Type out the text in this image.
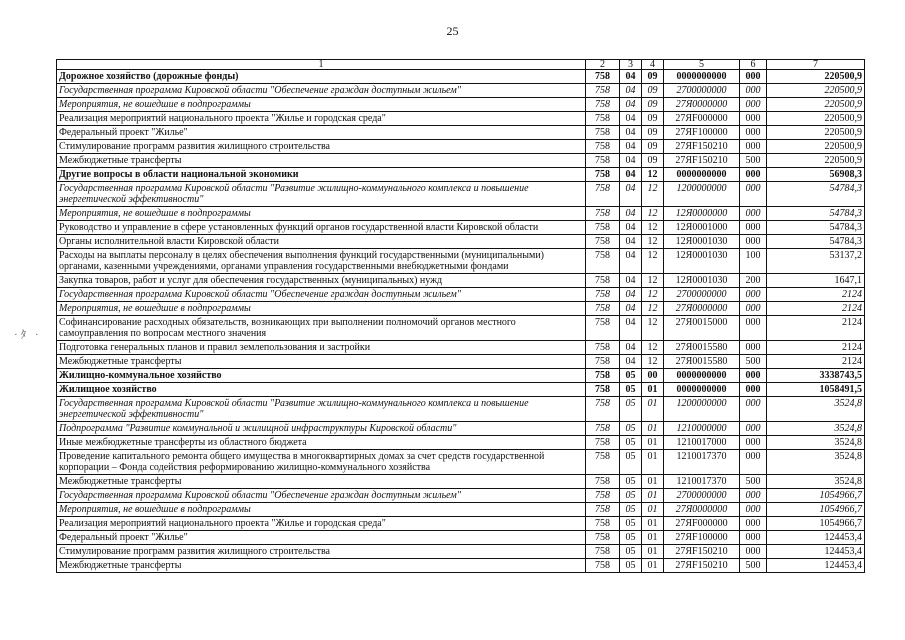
25
·ﾀ ·
1	2	3	4	5	6	7
Дорожное хозяйство (дорожные фонды)	758	04	09	0000000000	000	220500,9
Государственная программа Кировской области "Обеспечение граждан доступным жильем"	758	04	09	2700000000	000	220500,9
Мероприятия, не вошедшие в подпрограммы	758	04	09	27Я0000000	000	220500,9
Реализация мероприятий национального проекта "Жилье и городская среда"	758	04	09	27ЯF000000	000	220500,9
Федеральный проект "Жилье"	758	04	09	27ЯF100000	000	220500,9
Стимулирование программ развития жилищного строительства	758	04	09	27ЯF150210	000	220500,9
Межбюджетные трансферты	758	04	09	27ЯF150210	500	220500,9
Другие вопросы в области национальной экономики	758	04	12	0000000000	000	56908,3
Государственная программа Кировской области "Развитие жилищно-коммунального комплекса и повышение энергетической эффективности"	758	04	12	1200000000	000	54784,3
Мероприятия, не вошедшие в подпрограммы	758	04	12	12Я0000000	000	54784,3
Руководство и управление в сфере установленных функций органов государственной власти Кировской области	758	04	12	12Я0001000	000	54784,3
Органы исполнительной власти Кировской области	758	04	12	12Я0001030	000	54784,3
Расходы на выплаты персоналу в целях обеспечения выполнения функций государственными (муниципальными) органами, казенными учреждениями, органами управления государственными внебюджетными фондами	758	04	12	12Я0001030	100	53137,2
Закупка товаров, работ и услуг для обеспечения государственных (муниципальных) нужд	758	04	12	12Я0001030	200	1647,1
Государственная программа Кировской области "Обеспечение граждан доступным жильем"	758	04	12	2700000000	000	2124
Мероприятия, не вошедшие в подпрограммы	758	04	12	27Я0000000	000	2124
Софинансирование расходных обязательств, возникающих при выполнении полномочий органов местного самоуправления по вопросам местного значения	758	04	12	27Я0015000	000	2124
Подготовка генеральных планов и правил землепользования и застройки	758	04	12	27Я0015580	000	2124
Межбюджетные трансферты	758	04	12	27Я0015580	500	2124
Жилищно-коммунальное хозяйство	758	05	00	0000000000	000	3338743,5
Жилищное хозяйство	758	05	01	0000000000	000	1058491,5
Государственная программа Кировской области "Развитие жилищно-коммунального комплекса и повышение энергетической эффективности"	758	05	01	1200000000	000	3524,8
Подпрограмма "Развитие коммунальной и жилищной инфраструктуры Кировской области"	758	05	01	1210000000	000	3524,8
Иные межбюджетные трансферты из областного бюджета	758	05	01	1210017000	000	3524,8
Проведение капитального ремонта общего имущества в многоквартирных домах за счет средств государственной корпорации – Фонда содействия реформированию жилищно-коммунального хозяйства	758	05	01	1210017370	000	3524,8
Межбюджетные трансферты	758	05	01	1210017370	500	3524,8
Государственная программа Кировской области "Обеспечение граждан доступным жильем"	758	05	01	2700000000	000	1054966,7
Мероприятия, не вошедшие в подпрограммы	758	05	01	27Я0000000	000	1054966,7
Реализация мероприятий национального проекта "Жилье и городская среда"	758	05	01	27ЯF000000	000	1054966,7
Федеральный проект "Жилье"	758	05	01	27ЯF100000	000	124453,4
Стимулирование программ развития жилищного строительства	758	05	01	27ЯF150210	000	124453,4
Межбюджетные трансферты	758	05	01	27ЯF150210	500	124453,4
